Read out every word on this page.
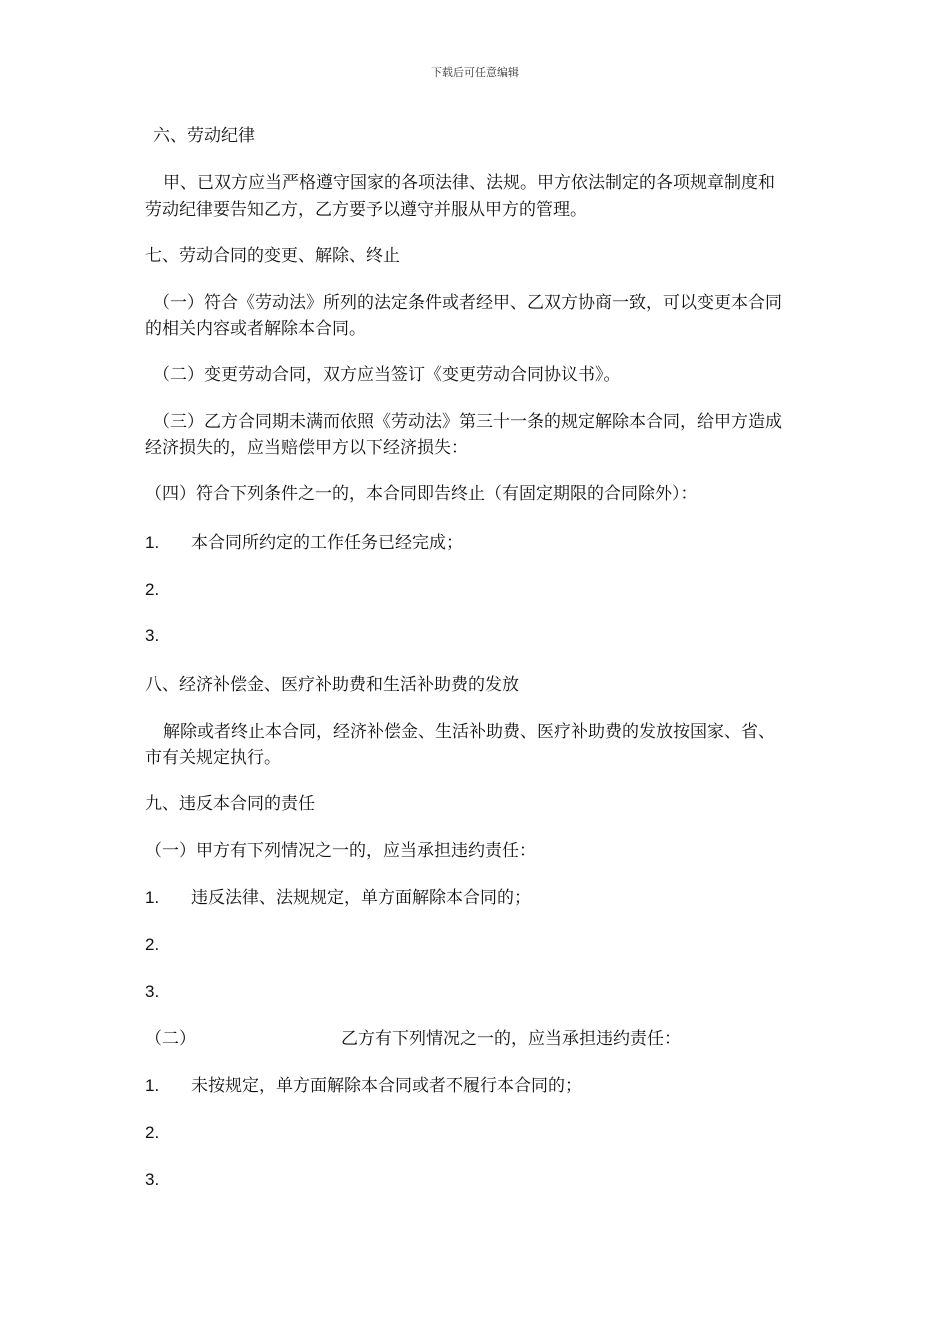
下载后可任意编辑

六、劳动纪律

甲、已双方应当严格遵守国家的各项法律、法规。甲方依法制定的各项规章制度和

劳动纪律要告知乙方，乙方要予以遵守并服从甲方的管理。

七、劳动合同的变更、解除、终止

（一）符合《劳动法》所列的法定条件或者经甲、乙双方协商一致，可以变更本合同

的相关内容或者解除本合同。

（二）变更劳动合同，双方应当签订《变更劳动合同协议书》。

（三）乙方合同期未满而依照《劳动法》第三十一条的规定解除本合同，给甲方造成

经济损失的，应当赔偿甲方以下经济损失：

（四）符合下列条件之一的，本合同即告终止（有固定期限的合同除外）：

1. 本合同所约定的工作任务已经完成；

2.

3.

八、经济补偿金、医疗补助费和生活补助费的发放

解除或者终止本合同，经济补偿金、生活补助费、医疗补助费的发放按国家、省、

市有关规定执行。

九、违反本合同的责任

（一）甲方有下列情况之一的，应当承担违约责任：

1. 违反法律、法规规定，单方面解除本合同的；

2.

3.

（二）	乙方有下列情况之一的，应当承担违约责任：

1. 未按规定，单方面解除本合同或者不履行本合同的；

2.

3.
